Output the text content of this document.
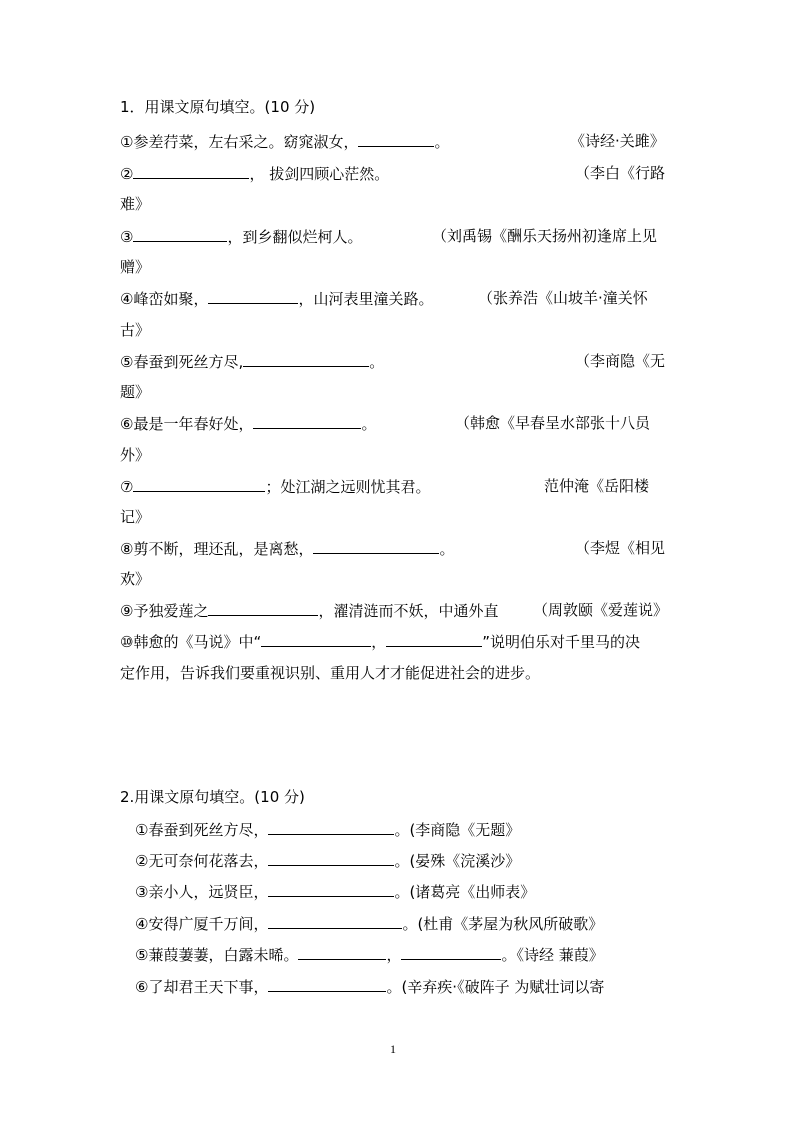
1．用课文原句填空。(10 分)
①参差荇菜，左右采之。窈窕淑女，	。	《诗经·关雎》
②	， 拔剑四顾心茫然。	（李白《行路
难》
③	，到乡翻似烂柯人。	（刘禹锡《酬乐天扬州初逢席上见
赠》
④峰峦如聚，	，山河表里潼关路。	（张养浩《山坡羊·潼关怀
古》
⑤春蚕到死丝方尽,	。	（李商隐《无
题》
⑥最是一年春好处，	。	（韩愈《早春呈水部张十八员
外》
⑦	；处江湖之远则忧其君。	范仲淹《岳阳楼
记》
⑧剪不断，理还乱，是离愁，	。	（李煜《相见
欢》
⑨予独爱莲之	，濯清涟而不妖，中通外直 （周敦颐《爱莲说》
⑩韩愈的《马说》中“	，	”说明伯乐对千里马的决
定作用，告诉我们要重视识别、重用人才才能促进社会的进步。
2.用课文原句填空。(10 分)
①春蚕到死丝方尽，	。(李商隐《无题》
②无可奈何花落去，	。(晏殊《浣溪沙》
③亲小人，远贤臣，	。(诸葛亮《出师表》
④安得广厦千万间，	。(杜甫《茅屋为秋风所破歌》
⑤蒹葭萋萋，白露未晞。	，	。《诗经 蒹葭》
⑥了却君王天下事，	。(辛弃疾·《破阵子 为赋壮词以寄
1
